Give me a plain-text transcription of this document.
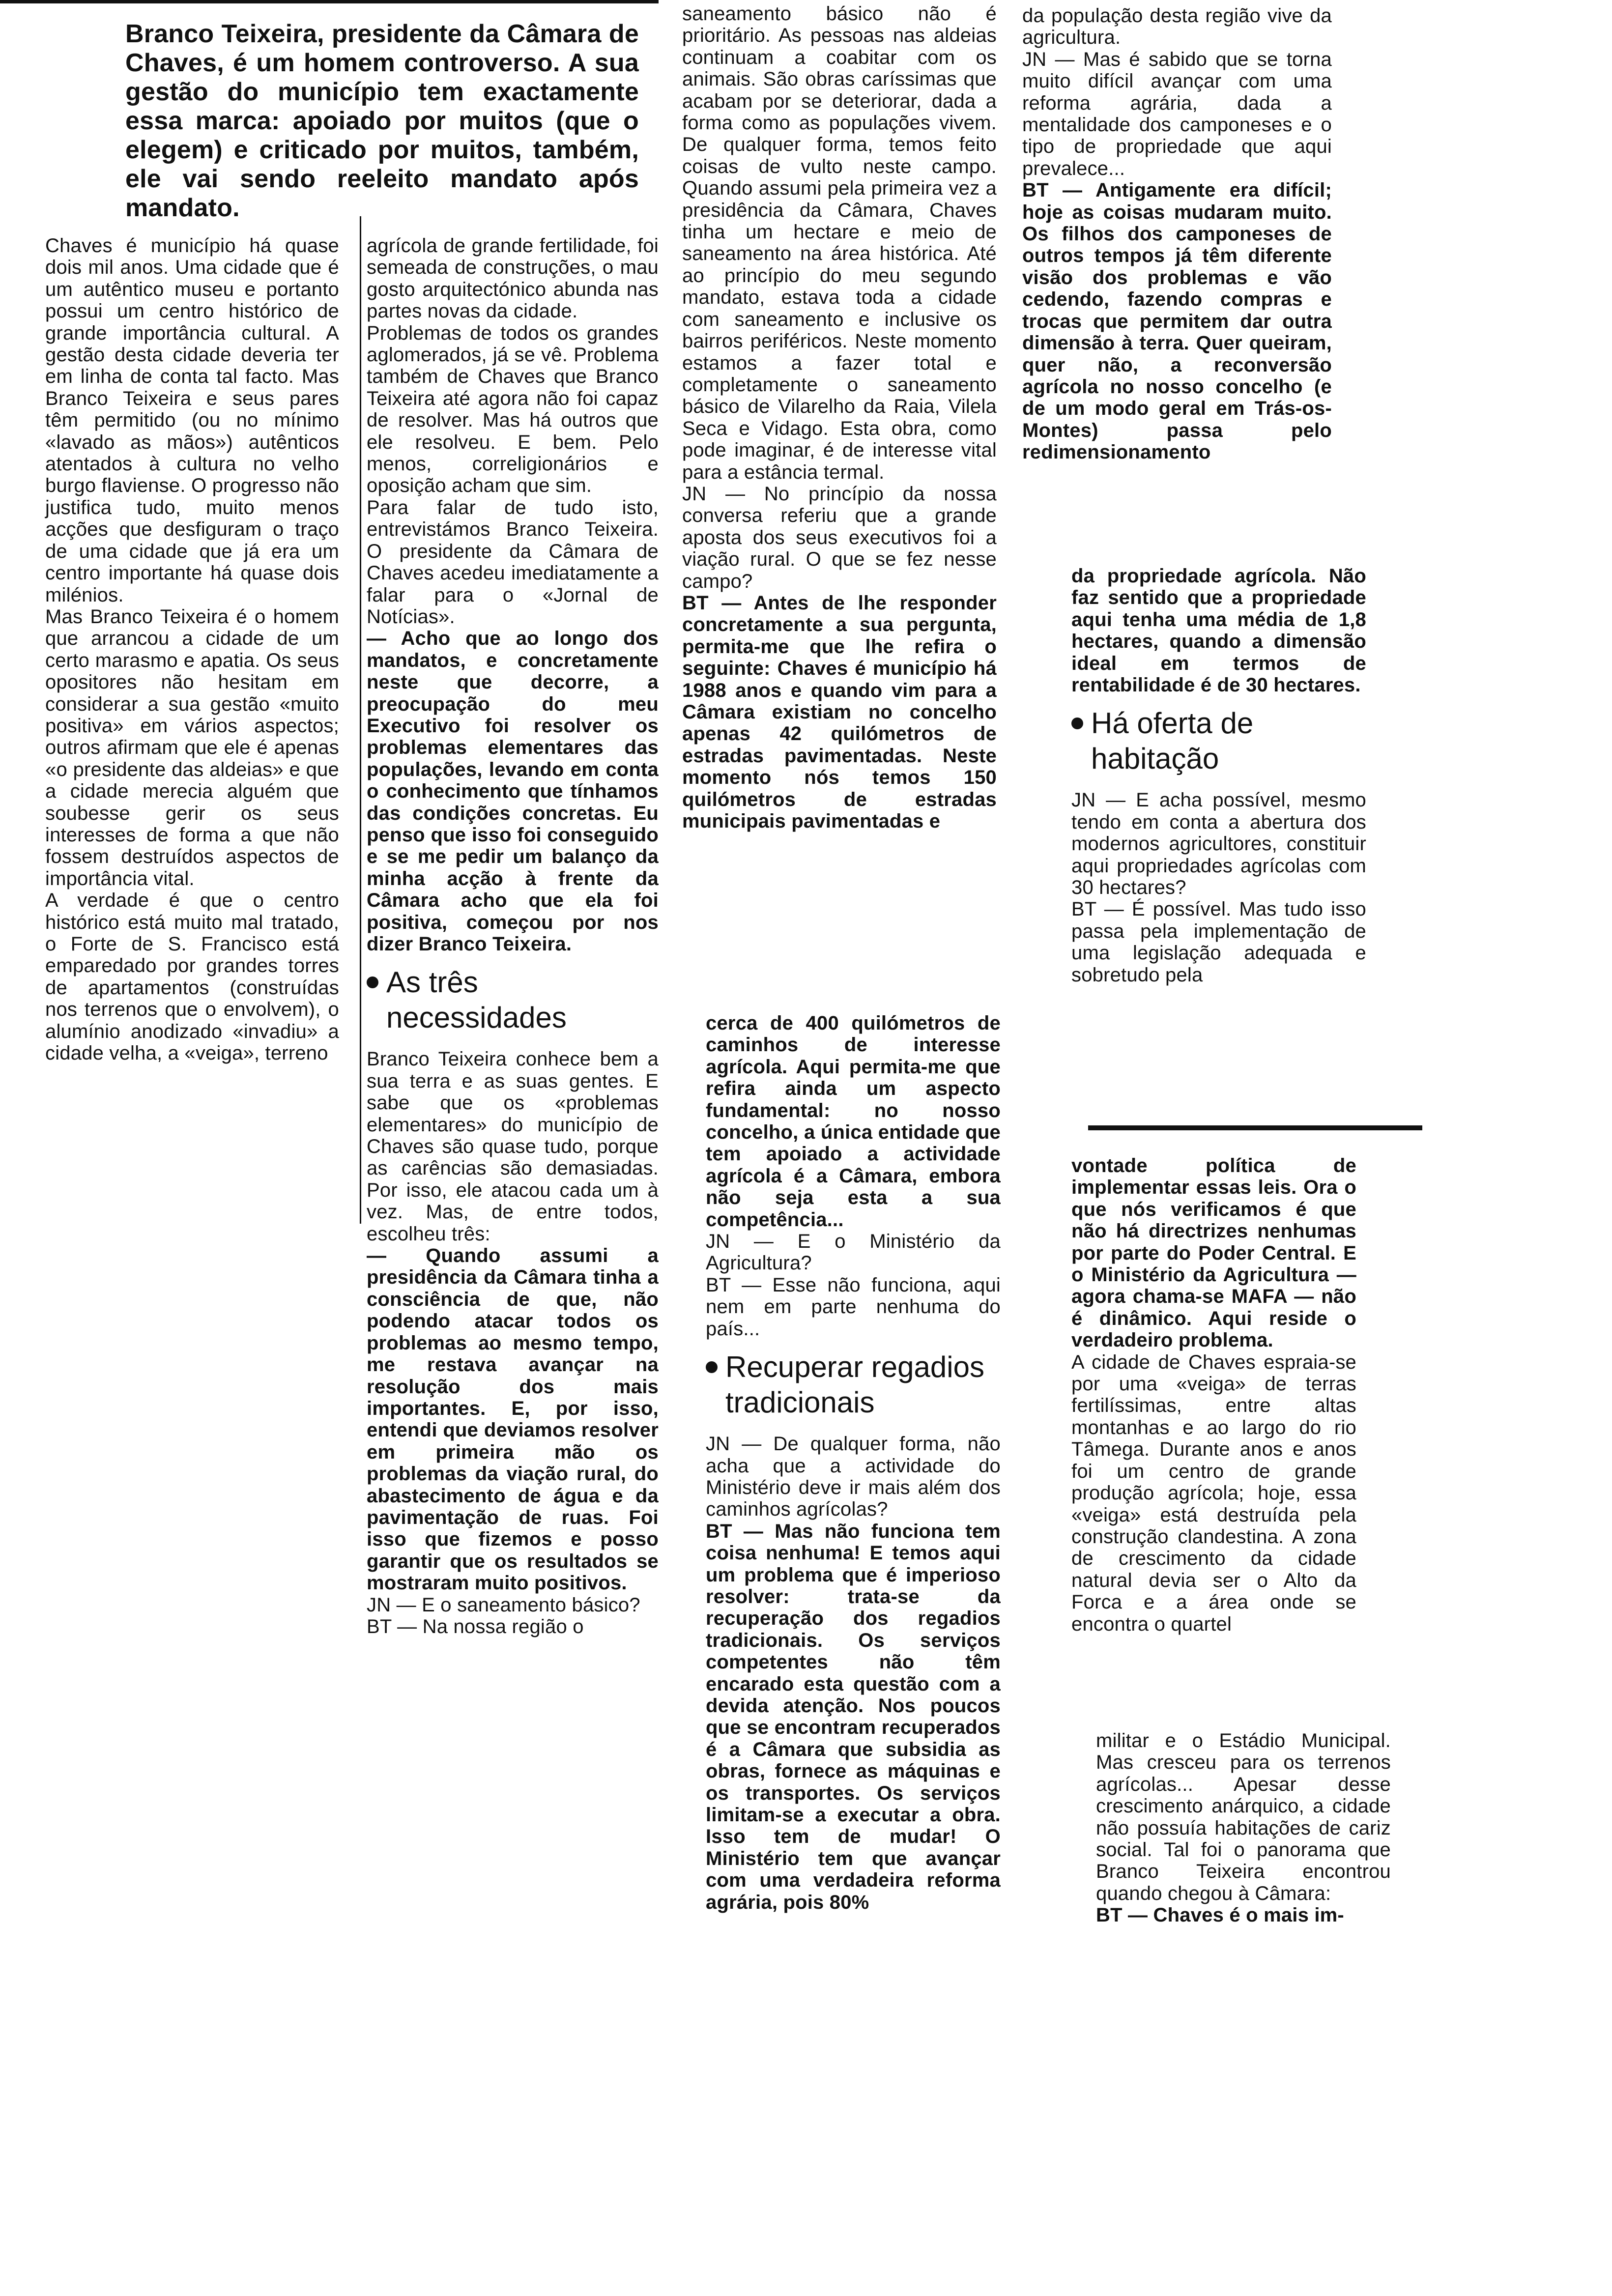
Branco Teixeira, presidente da Câmara de Chaves, é um homem controverso. A sua gestão do município tem exactamente essa marca: apoiado por muitos (que o elegem) e criticado por muitos, também, ele vai sendo reeleito mandato após mandato.

Chaves é município há quase dois mil anos. Uma cidade que é um autêntico museu e portanto possui um centro histórico de grande importância cultural. A gestão desta cidade deveria ter em linha de conta tal facto. Mas Branco Teixeira e seus pares têm permitido (ou no mínimo «lavado as mãos») autênticos atentados à cultura no velho burgo flaviense. O progresso não justifica tudo, muito menos acções que desfiguram o traço de uma cidade que já era um centro importante há quase dois milénios.

Mas Branco Teixeira é o homem que arrancou a cidade de um certo marasmo e apatia. Os seus opositores não hesitam em considerar a sua gestão «muito positiva» em vários aspectos; outros afirmam que ele é apenas «o presidente das aldeias» e que a cidade merecia alguém que soubesse gerir os seus interesses de forma a que não fossem destruídos aspectos de importância vital.

A verdade é que o centro histórico está muito mal tratado, o Forte de S. Francisco está emparedado por grandes torres de apartamentos (construídas nos terrenos que o envolvem), o alumínio anodizado «invadiu» a cidade velha, a «veiga», terreno

agrícola de grande fertilidade, foi semeada de construções, o mau gosto arquitectónico abunda nas partes novas da cidade.

Problemas de todos os grandes aglomerados, já se vê. Problema também de Chaves que Branco Teixeira até agora não foi capaz de resolver. Mas há outros que ele resolveu. E bem. Pelo menos, correligionários e oposição acham que sim.

Para falar de tudo isto, entrevistámos Branco Teixeira. O presidente da Câmara de Chaves acedeu imediatamente a falar para o «Jornal de Notícias».

— Acho que ao longo dos mandatos, e concretamente neste que decorre, a preocupação do meu Executivo foi resolver os problemas elementares das populações, levando em conta o conhecimento que tínhamos das condições concretas. Eu penso que isso foi conseguido e se me pedir um balanço da minha acção à frente da Câmara acho que ela foi positiva, começou por nos dizer Branco Teixeira.

As três necessidades

Branco Teixeira conhece bem a sua terra e as suas gentes. E sabe que os «problemas elementares» do município de Chaves são quase tudo, porque as carências são demasiadas. Por isso, ele atacou cada um à vez. Mas, de entre todos, escolheu três:

— Quando assumi a presidência da Câmara tinha a consciência de que, não podendo atacar todos os problemas ao mesmo tempo, me restava avançar na resolução dos mais importantes. E, por isso, entendi que deviamos resolver em primeira mão os problemas da viação rural, do abastecimento de água e da pavimentação de ruas. Foi isso que fizemos e posso garantir que os resultados se mostraram muito positivos.

JN — E o saneamento básico?

BT — Na nossa região o

saneamento básico não é prioritário. As pessoas nas aldeias continuam a coabitar com os animais. São obras caríssimas que acabam por se deteriorar, dada a forma como as populações vivem. De qualquer forma, temos feito coisas de vulto neste campo. Quando assumi pela primeira vez a presidência da Câmara, Chaves tinha um hectare e meio de saneamento na área histórica. Até ao princípio do meu segundo mandato, estava toda a cidade com saneamento e inclusive os bairros periféricos. Neste momento estamos a fazer total e completamente o saneamento básico de Vilarelho da Raia, Vilela Seca e Vidago. Esta obra, como pode imaginar, é de interesse vital para a estância termal.

JN — No princípio da nossa conversa referiu que a grande aposta dos seus executivos foi a viação rural. O que se fez nesse campo?

BT — Antes de lhe responder concretamente a sua pergunta, permita-me que lhe refira o seguinte: Chaves é município há 1988 anos e quando vim para a Câmara existiam no concelho apenas 42 quilómetros de estradas pavimentadas. Neste momento nós temos 150 quilómetros de estradas municipais pavimentadas e

cerca de 400 quilómetros de caminhos de interesse agrícola. Aqui permita-me que refira ainda um aspecto fundamental: no nosso concelho, a única entidade que tem apoiado a actividade agrícola é a Câmara, embora não seja esta a sua competência...

JN — E o Ministério da Agricultura?

BT — Esse não funciona, aqui nem em parte nenhuma do país...

Recuperar regadios tradicionais

JN — De qualquer forma, não acha que a actividade do Ministério deve ir mais além dos caminhos agrícolas?

BT — Mas não funciona tem coisa nenhuma! E temos aqui um problema que é imperioso resolver: trata-se da recuperação dos regadios tradicionais. Os serviços competentes não têm encarado esta questão com a devida atenção. Nos poucos que se encontram recuperados é a Câmara que subsidia as obras, fornece as máquinas e os transportes. Os serviços limitam-se a executar a obra. Isso tem de mudar! O Ministério tem que avançar com uma verdadeira reforma agrária, pois 80%

da população desta região vive da agricultura.

JN — Mas é sabido que se torna muito difícil avançar com uma reforma agrária, dada a mentalidade dos camponeses e o tipo de propriedade que aqui prevalece...

BT — Antigamente era difícil; hoje as coisas mudaram muito. Os filhos dos camponeses de outros tempos já têm diferente visão dos problemas e vão cedendo, fazendo compras e trocas que permitem dar outra dimensão à terra. Quer queiram, quer não, a reconversão agrícola no nosso concelho (e de um modo geral em Trás-os-Montes) passa pelo redimensionamento

da propriedade agrícola. Não faz sentido que a propriedade aqui tenha uma média de 1,8 hectares, quando a dimensão ideal em termos de rentabilidade é de 30 hectares.

Há oferta de habitação

JN — E acha possível, mesmo tendo em conta a abertura dos modernos agricultores, constituir aqui propriedades agrícolas com 30 hectares?

BT — É possível. Mas tudo isso passa pela implementação de uma legislação adequada e sobretudo pela

vontade política de implementar essas leis. Ora o que nós verificamos é que não há directrizes nenhumas por parte do Poder Central. E o Ministério da Agricultura — agora chama-se MAFA — não é dinâmico. Aqui reside o verdadeiro problema.

A cidade de Chaves espraia-se por uma «veiga» de terras fertilíssimas, entre altas montanhas e ao largo do rio Tâmega. Durante anos e anos foi um centro de grande produção agrícola; hoje, essa «veiga» está destruída pela construção clandestina. A zona de crescimento da cidade natural devia ser o Alto da Forca e a área onde se encontra o quartel

militar e o Estádio Municipal. Mas cresceu para os terrenos agrícolas... Apesar desse crescimento anárquico, a cidade não possuía habitações de cariz social. Tal foi o panorama que Branco Teixeira encontrou quando chegou à Câmara:

BT — Chaves é o mais im-
